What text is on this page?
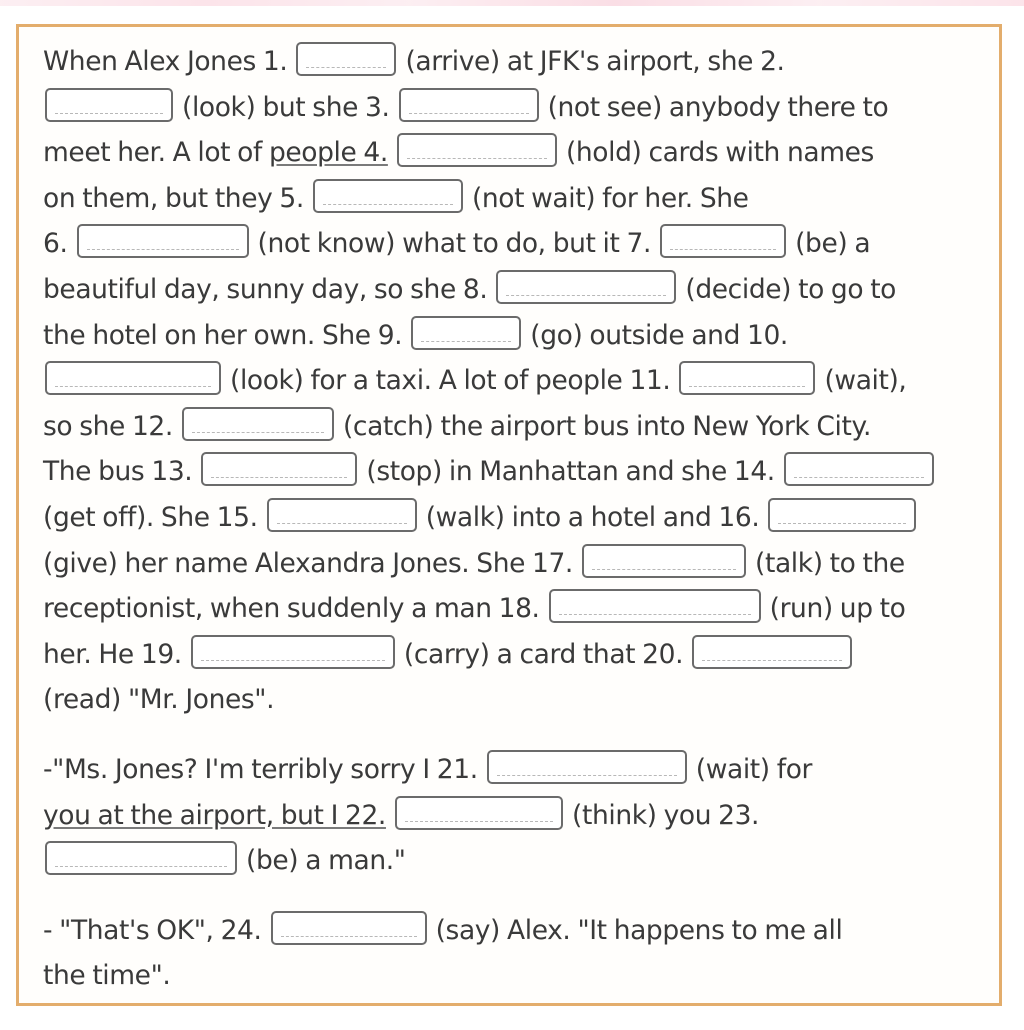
When Alex Jones 1.	(arrive) at JFK's airport, she 2.
(look) but she 3.	(not see) anybody there to
meet her. A lot of people 4.	(hold) cards with names
on them, but they 5.	(not wait) for her. She
6.	(not know) what to do, but it 7.	(be) a
beautiful day, sunny day, so she 8.	(decide) to go to
the hotel on her own. She 9.	(go) outside and 10.
(look) for a taxi. A lot of people 11.	(wait),
so she 12.	(catch) the airport bus into New York City.
The bus 13.	(stop) in Manhattan and she 14.
(get off). She 15.	(walk) into a hotel and 16.
(give) her name Alexandra Jones. She 17.	(talk) to the
receptionist, when suddenly a man 18.	(run) up to
her. He 19.	(carry) a card that 20.
(read) "Mr. Jones".
-"Ms. Jones? I'm terribly sorry I 21.	(wait) for
you at the airport, but I 22.	(think) you 23.
(be) a man."
- "That's OK", 24.	(say) Alex. "It happens to me all
the time".
